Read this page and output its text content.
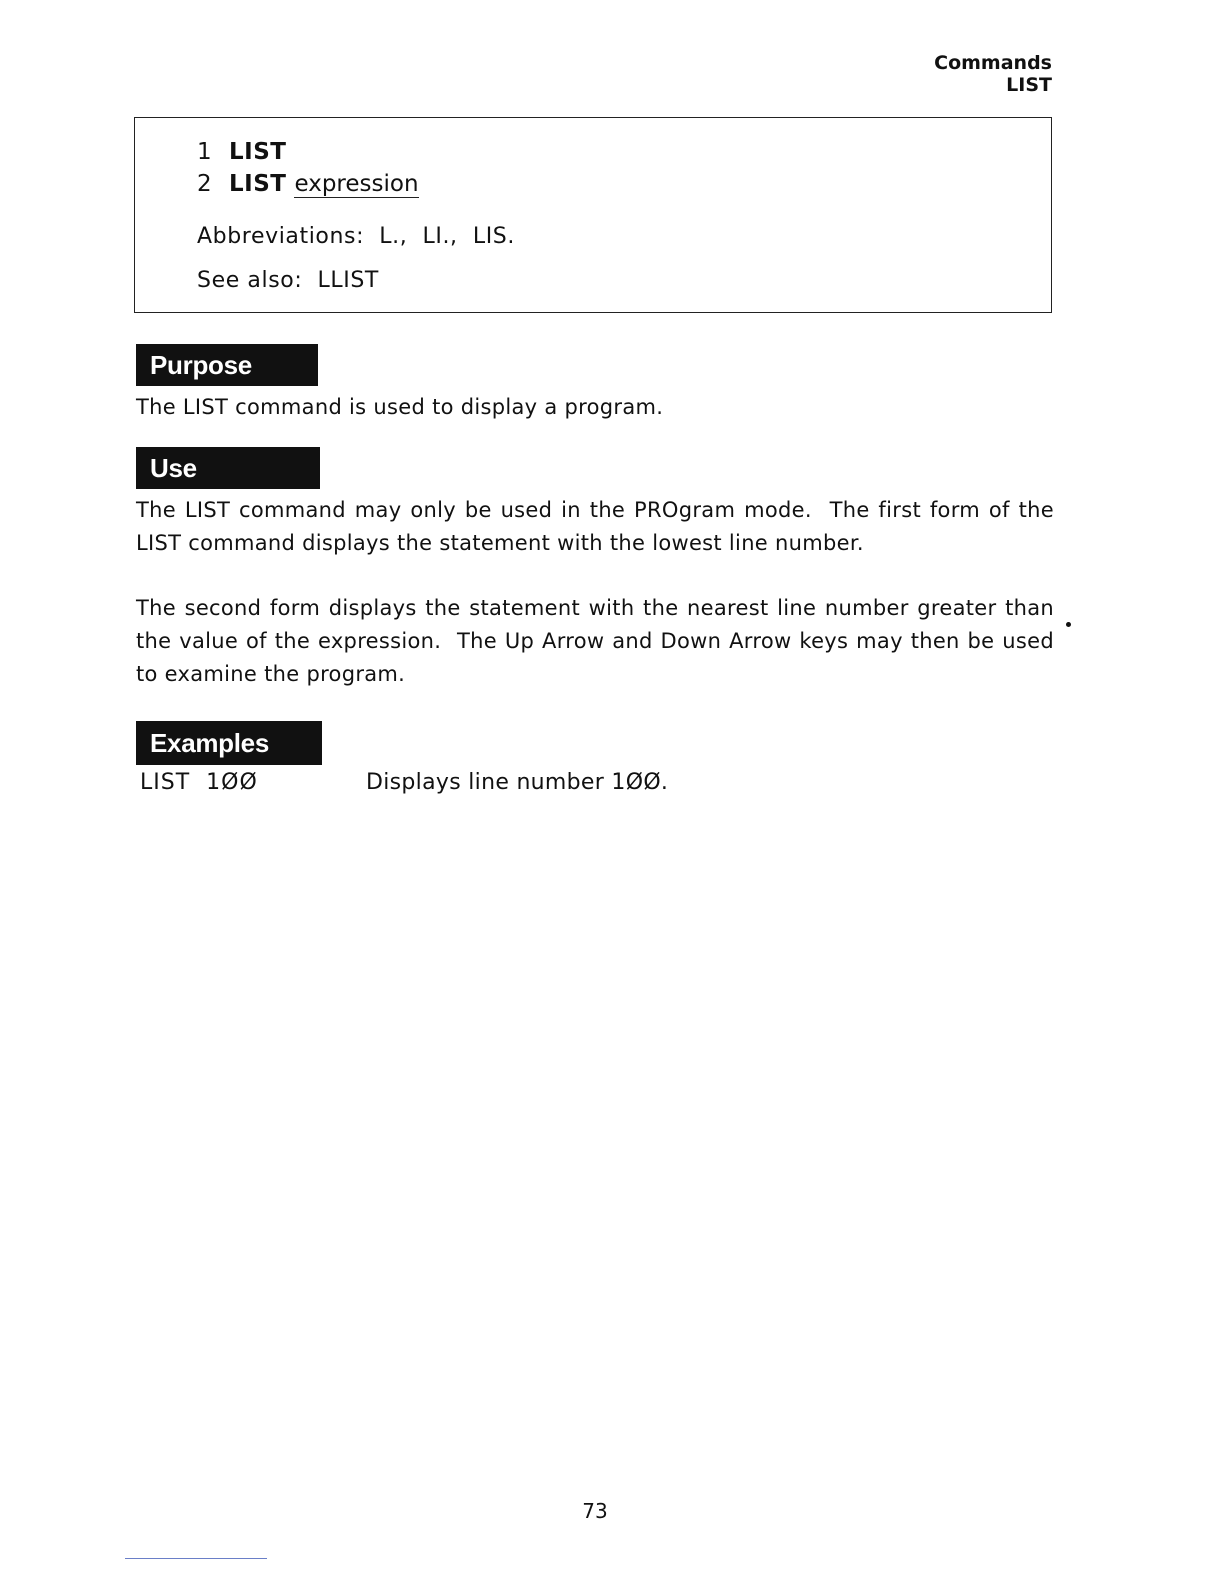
Commands
LIST
1 LIST
2 LIST expression
Abbreviations:  L.,  LI.,  LIS.
See also:  LLIST
Purpose
The LIST command is used to display a program.
Use
The LIST command may only be used in the PROgram mode.  The first form of the LIST command displays the statement with the lowest line number.
The second form displays the statement with the nearest line number greater than the value of the expression.  The Up Arrow and Down Arrow keys may then be used to examine the program.
Examples
LIST  1ØØ	Displays line number 1ØØ.
73
